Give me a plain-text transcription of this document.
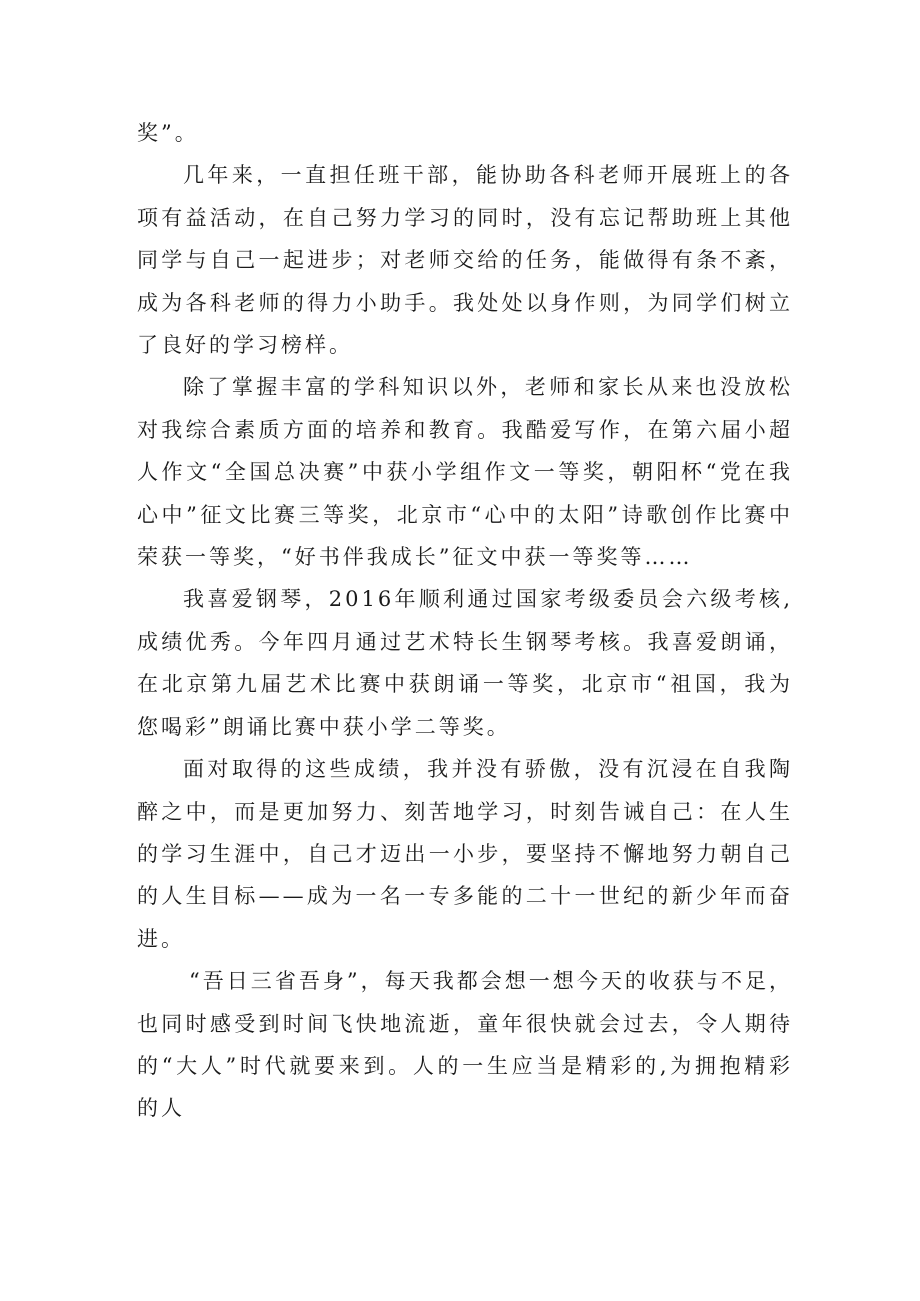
奖”。

几年来，一直担任班干部，能协助各科老师开展班上的各项有益活动，在自己努力学习的同时，没有忘记帮助班上其他同学与自己一起进步；对老师交给的任务，能做得有条不紊，成为各科老师的得力小助手。我处处以身作则，为同学们树立了良好的学习榜样。

除了掌握丰富的学科知识以外，老师和家长从来也没放松对我综合素质方面的培养和教育。我酷爱写作，在第六届小超人作文“全国总决赛”中获小学组作文一等奖，朝阳杯“党在我心中”征文比赛三等奖，北京市“心中的太阳”诗歌创作比赛中荣获一等奖，“好书伴我成长”征文中获一等奖等……

我喜爱钢琴，2016年顺利通过国家考级委员会六级考核,成绩优秀。今年四月通过艺术特长生钢琴考核。我喜爱朗诵，在北京第九届艺术比赛中获朗诵一等奖，北京市“祖国，我为您喝彩”朗诵比赛中获小学二等奖。

面对取得的这些成绩，我并没有骄傲，没有沉浸在自我陶醉之中，而是更加努力、刻苦地学习，时刻告诫自己：在人生的学习生涯中，自己才迈出一小步，要坚持不懈地努力朝自己的人生目标——成为一名一专多能的二十一世纪的新少年而奋进。

“吾日三省吾身”，每天我都会想一想今天的收获与不足，也同时感受到时间飞快地流逝，童年很快就会过去，令人期待的“大人”时代就要来到。人的一生应当是精彩的,为拥抱精彩的人
